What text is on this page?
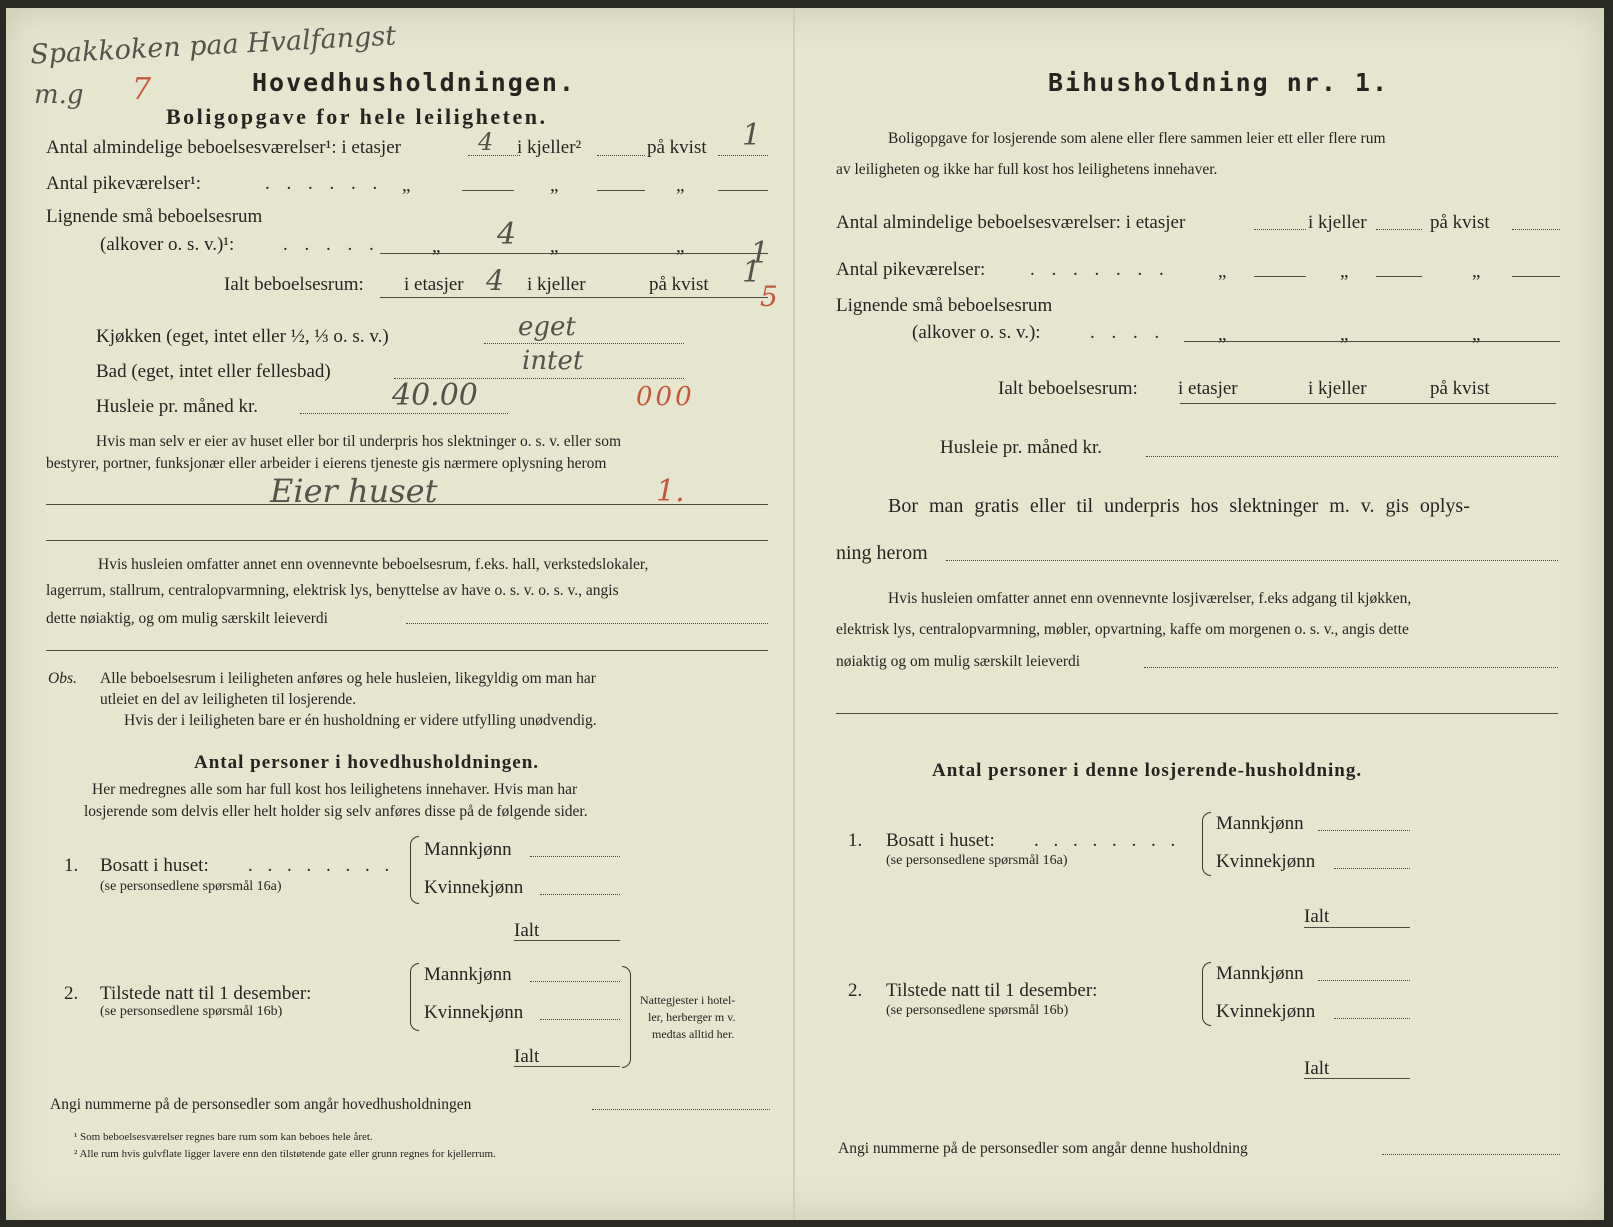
Spakkoken paa Hvalfangst
m.g 7	Hovedhusholdningen.
Boligopgave for hele leiligheten.
Antal almindelige beboelsesværelser¹: i etasjer	4 i kjeller²	på kvist 1
Antal pikeværelser¹:	. . . . . . „	„	„
Lignende små beboelsesrum
(alkover o. s. v.)¹:	. . . . .	„ 4 „	„ 1
Ialt beboelsesrum: i etasjer 4 i kjeller	på kvist 1
5
Kjøkken (eget, intet eller ½, ⅓ o. s. v.)	eget
Bad (eget, intet eller fellesbad)	intet
Husleie pr. måned kr.	40.00	000
Hvis man selv er eier av huset eller bor til underpris hos slektninger o. s. v. eller som
bestyrer, portner, funksjonær eller arbeider i eierens tjeneste gis nærmere oplysning herom
Eier huset	1.
Hvis husleien omfatter annet enn ovennevnte beboelsesrum, f.eks. hall, verkstedslokaler,
lagerrum, stallrum, centralopvarmning, elektrisk lys, benyttelse av have o. s. v. o. s. v., angis
dette nøiaktig, og om mulig særskilt leieverdi
Obs. Alle beboelsesrum i leiligheten anføres og hele husleien, likegyldig om man har
utleiet en del av leiligheten til losjerende.
Hvis der i leiligheten bare er én husholdning er videre utfylling unødvendig.
Antal personer i hovedhusholdningen.
Her medregnes alle som har full kost hos leilighetens innehaver. Hvis man har
losjerende som delvis eller helt holder sig selv anføres disse på de følgende sider.
1. Bosatt i huset: . . . . . . . .
(se personsedlene spørsmål 16a)
Mannkjønn
Kvinnekjønn
Ialt
2. Tilstede natt til 1 desember:
(se personsedlene spørsmål 16b)
Mannkjønn
Kvinnekjønn
Ialt
Nattegjester i hotel-
ler, herberger m v.
medtas alltid her.
Angi nummerne på de personsedler som angår hovedhusholdningen
¹ Som beboelsesværelser regnes bare rum som kan beboes hele året.
² Alle rum hvis gulvflate ligger lavere enn den tilstøtende gate eller grunn regnes for kjellerrum.
Bihusholdning nr. 1.
Boligopgave for losjerende som alene eller flere sammen leier ett eller flere rum
av leiligheten og ikke har full kost hos leilighetens innehaver.
Antal almindelige beboelsesværelser: i etasjer	i kjeller	på kvist
Antal pikeværelser: . . . . . . .	„	„	„
Lignende små beboelsesrum
(alkover o. s. v.):	. . . .	„	„	„
Ialt beboelsesrum: i etasjer	i kjeller	på kvist
Husleie pr. måned kr.
Bor man gratis eller til underpris hos slektninger m. v. gis oplys-
ning herom
Hvis husleien omfatter annet enn ovennevnte losjiværelser, f.eks adgang til kjøkken,
elektrisk lys, centralopvarmning, møbler, opvartning, kaffe om morgenen o. s. v., angis dette
nøiaktig og om mulig særskilt leieverdi
Antal personer i denne losjerende-husholdning.
1. Bosatt i huset: . . . . . . . .
(se personsedlene spørsmål 16a)
Mannkjønn
Kvinnekjønn
Ialt
2. Tilstede natt til 1 desember:
(se personsedlene spørsmål 16b)
Mannkjønn
Kvinnekjønn
Ialt
Angi nummerne på de personsedler som angår denne husholdning
